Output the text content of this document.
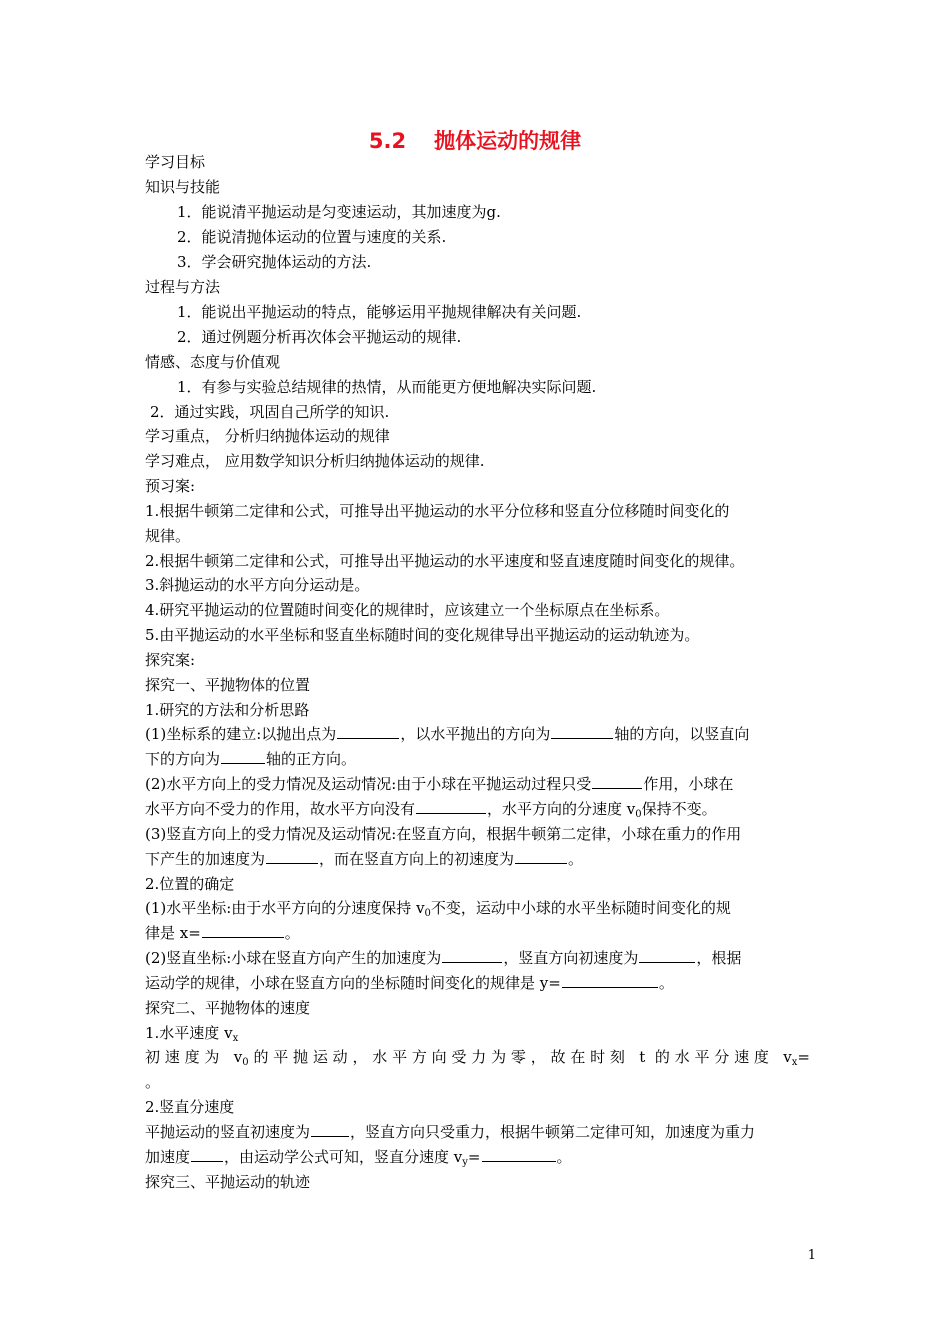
5.2 抛体运动的规律
学习目标
知识与技能
1．能说清平抛运动是匀变速运动，其加速度为g.
2．能说清抛体运动的位置与速度的关系.
3．学会研究抛体运动的方法.
过程与方法
1．能说出平抛运动的特点，能够运用平抛规律解决有关问题.
2．通过例题分析再次体会平抛运动的规律.
情感、态度与价值观
1．有参与实验总结规律的热情，从而能更方便地解决实际问题.
2．通过实践，巩固自己所学的知识.
学习重点， 分析归纳抛体运动的规律
学习难点， 应用数学知识分析归纳抛体运动的规律.
预习案:
1.根据牛顿第二定律和公式，可推导出平抛运动的水平分位移和竖直分位移随时间变化的
规律。
2.根据牛顿第二定律和公式，可推导出平抛运动的水平速度和竖直速度随时间变化的规律。
3.斜抛运动的水平方向分运动是。
4.研究平抛运动的位置随时间变化的规律时，应该建立一个坐标原点在坐标系。
5.由平抛运动的水平坐标和竖直坐标随时间的变化规律导出平抛运动的运动轨迹为。
探究案:
探究一、平抛物体的位置
1.研究的方法和分析思路
(1)坐标系的建立:以抛出点为	，以水平抛出的方向为	轴的方向，以竖直向
下的方向为	轴的正方向。
(2)水平方向上的受力情况及运动情况:由于小球在平抛运动过程只受	作用，小球在
水平方向不受力的作用，故水平方向没有	，水平方向的分速度 $v_0$保持不变。
(3)竖直方向上的受力情况及运动情况:在竖直方向，根据牛顿第二定律，小球在重力的作用
下产生的加速度为	，而在竖直方向上的初速度为	。
2.位置的确定
(1)水平坐标:由于水平方向的分速度保持 $v_0$不变，运动中小球的水平坐标随时间变化的规
律是 x=	。
(2)竖直坐标:小球在竖直方向产生的加速度为	，竖直方向初速度为	，根据
运动学的规律，小球在竖直方向的坐标随时间变化的规律是 y=	。
探究二、平抛物体的速度
1.水平速度 $v_x$
初速度为 $v_0$的平抛运动，水平方向受力为零，故在时刻 t 的水平分速度 $v_x=$
。
2.竖直分速度
平抛运动的竖直初速度为	，竖直方向只受重力，根据牛顿第二定律可知，加速度为重力
加速度 ，由运动学公式可知，竖直分速度 $v_y=$	。
探究三、平抛运动的轨迹
1
